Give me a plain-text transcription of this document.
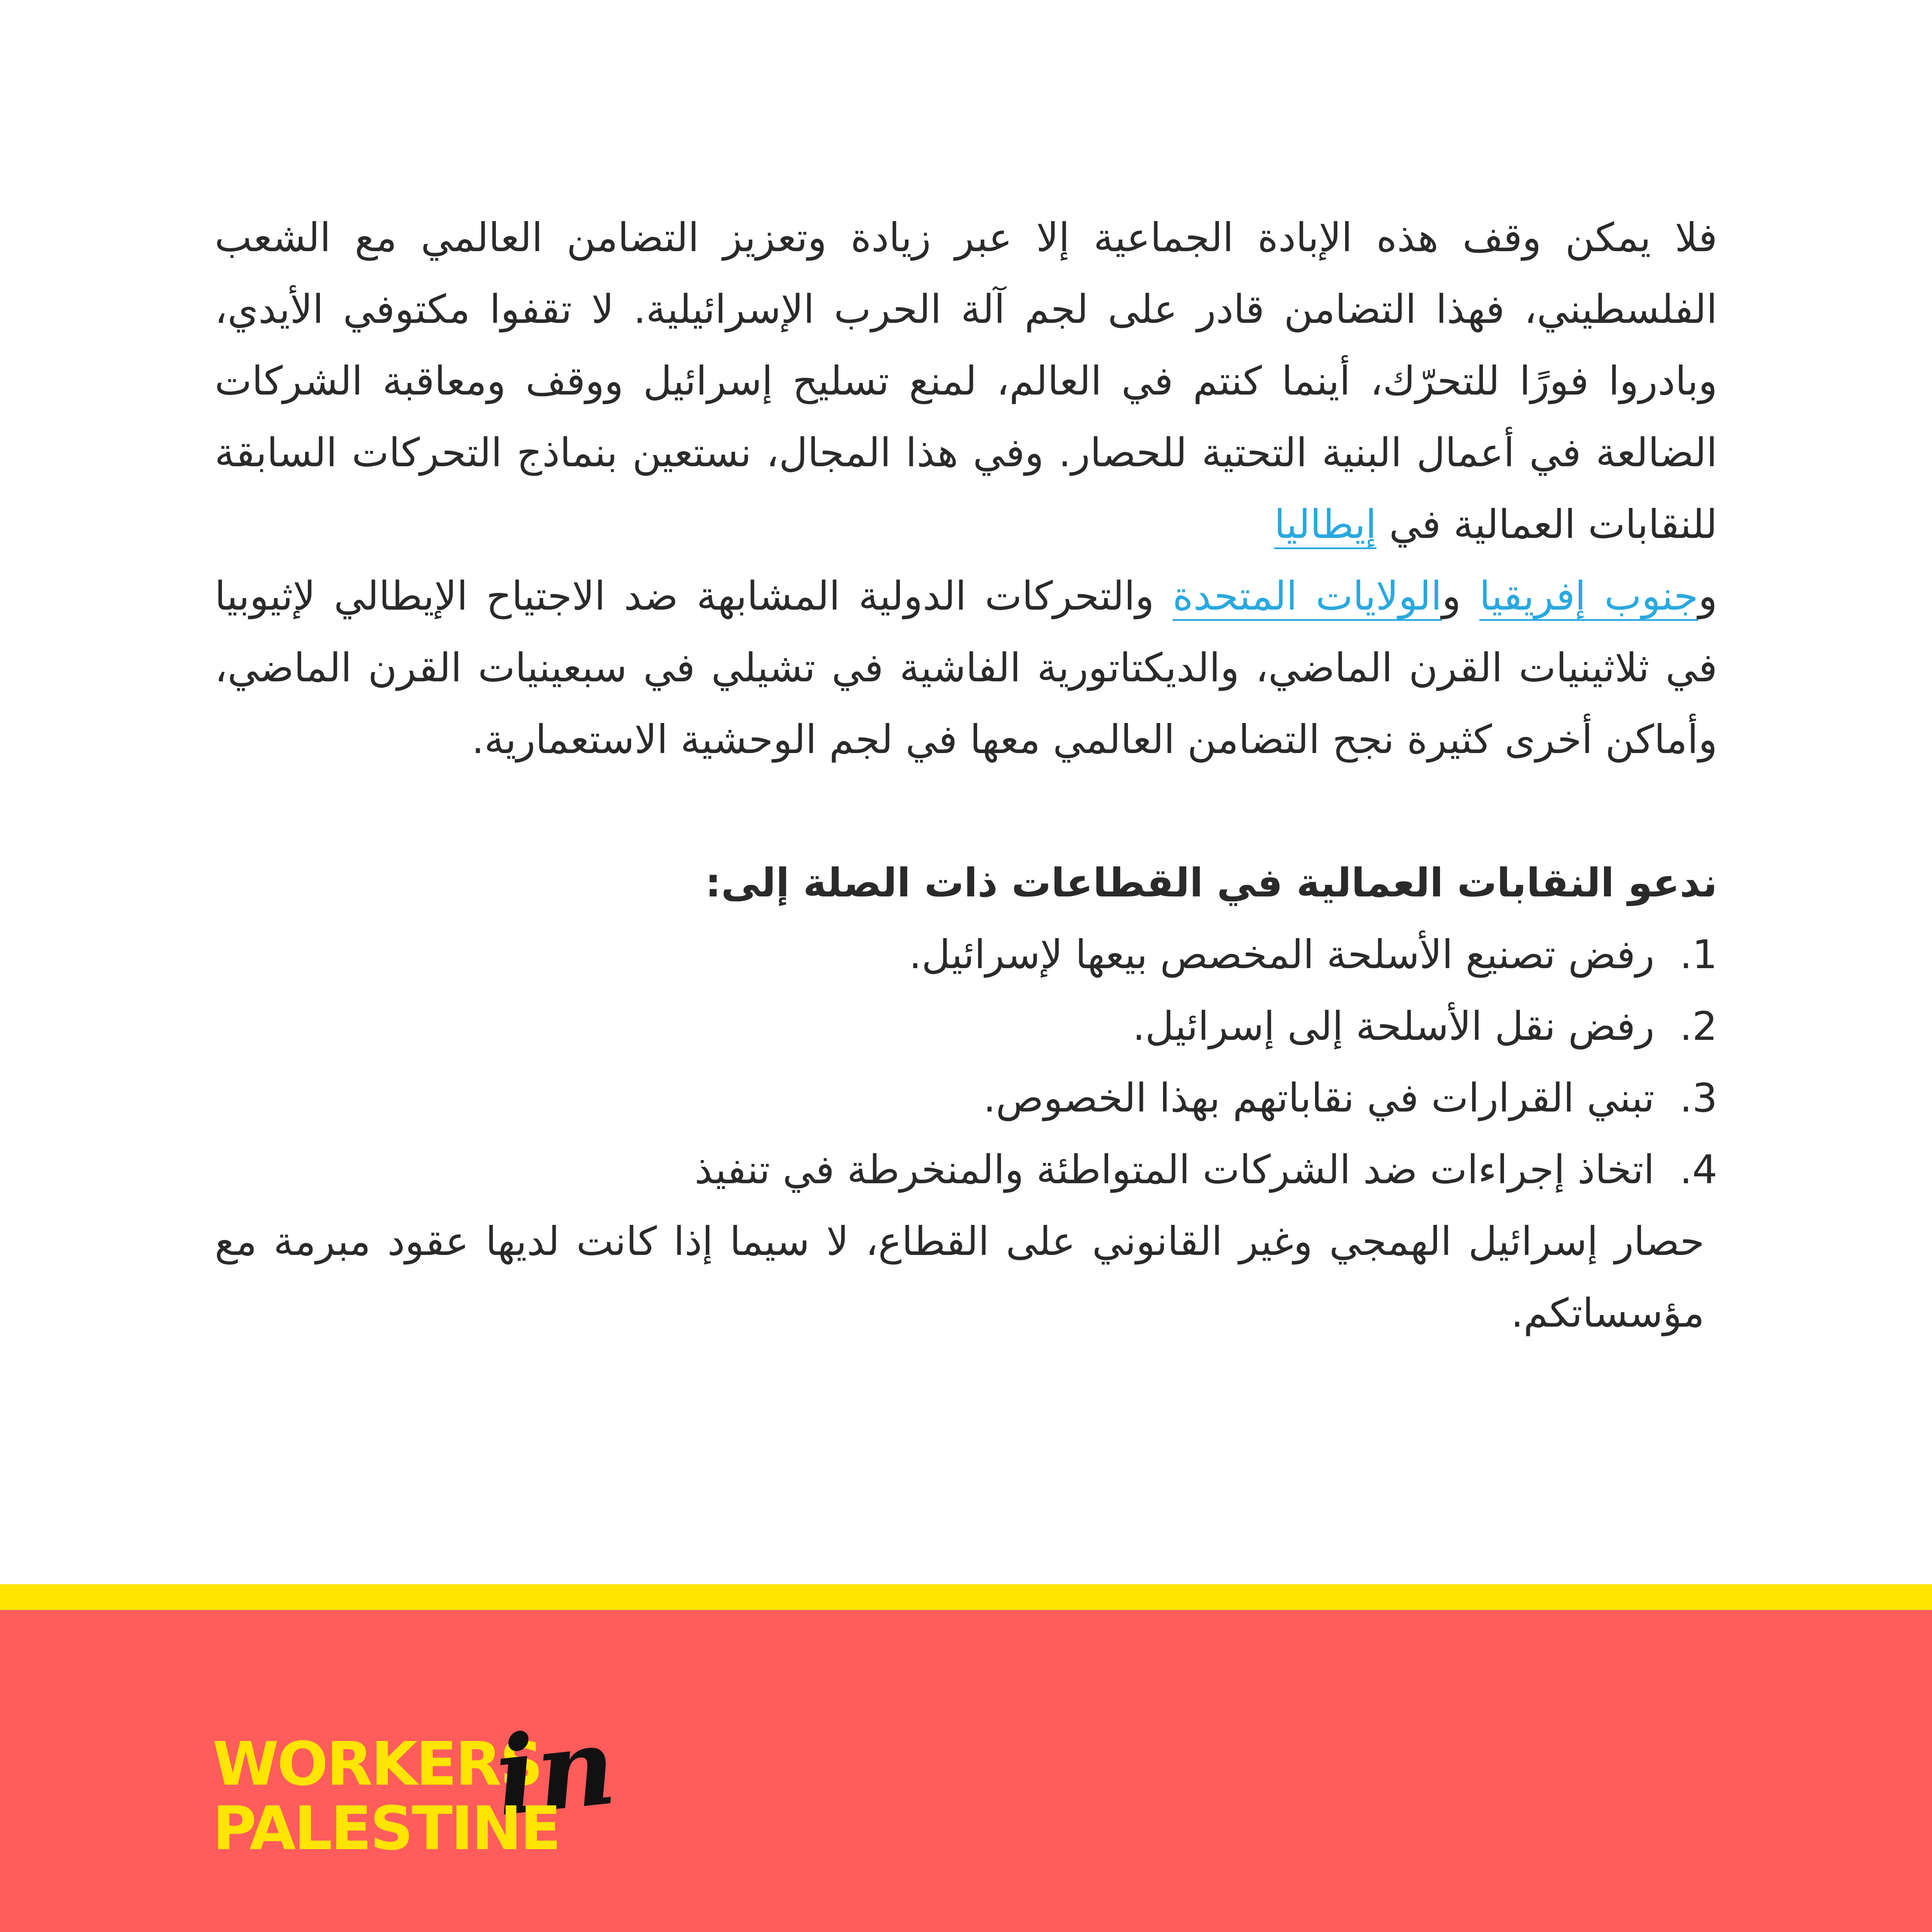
فلا يمكن وقف هذه الإبادة الجماعية إلا عبر زيادة وتعزيز التضامن العالمي مع الشعب الفلسطيني، فهذا التضامن قادر على لجم آلة الحرب الإسرائيلية. لا تقفوا مكتوفي الأيدي، وبادروا فورًا للتحرّك، أينما كنتم في العالم، لمنع تسليح إسرائيل ووقف ومعاقبة الشركات الضالعة في أعمال البنية التحتية للحصار. وفي هذا المجال، نستعين بنماذج التحركات السابقة للنقابات العمالية في إيطاليا
وجنوب إفريقيا والولايات المتحدة والتحركات الدولية المشابهة ضد الاجتياح الإيطالي لإثيوبيا في ثلاثينيات القرن الماضي، والديكتاتورية الفاشية في تشيلي في سبعينيات القرن الماضي، وأماكن أخرى كثيرة نجح التضامن العالمي معها في لجم الوحشية الاستعمارية.

ندعو النقابات العمالية في القطاعات ذات الصلة إلى:

1.  رفض تصنيع الأسلحة المخصص بيعها لإسرائيل.
2.  رفض نقل الأسلحة إلى إسرائيل.
3.  تبني القرارات في نقاباتهم بهذا الخصوص.
4.  اتخاذ إجراءات ضد الشركات المتواطئة والمنخرطة في تنفيذ

حصار إسرائيل الهمجي وغير القانوني على القطاع، لا سيما إذا كانت لديها عقود مبرمة مع مؤسساتكم.

WORKERS
in
PALESTINE
